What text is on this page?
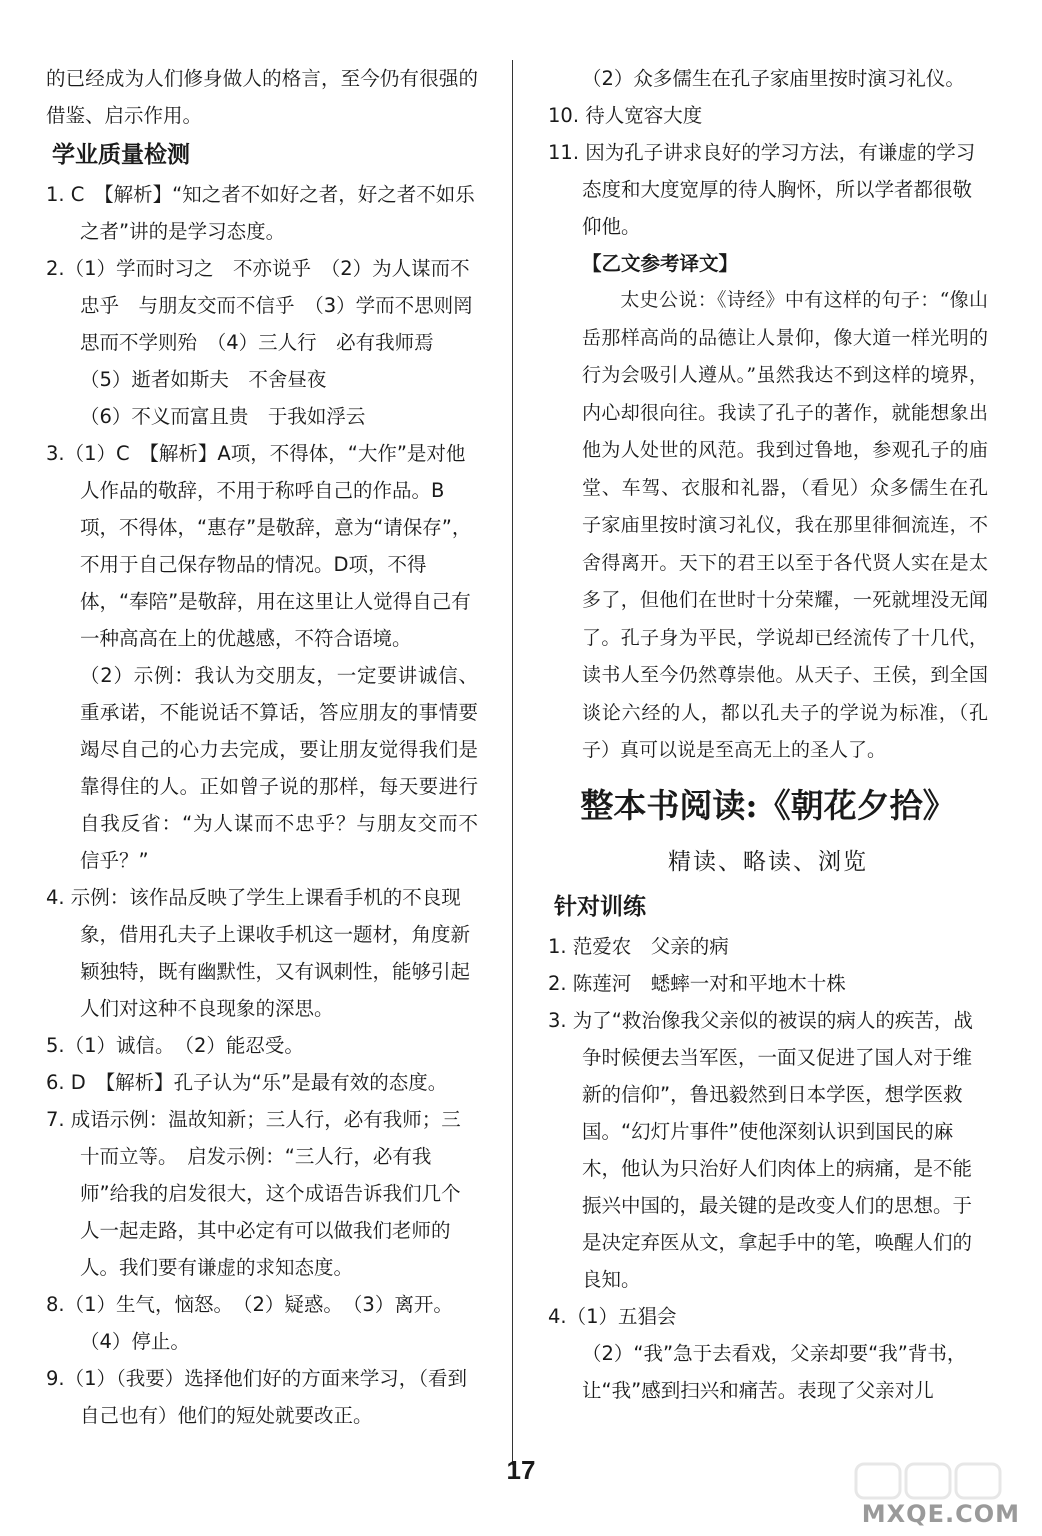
的已经成为人们修身做人的格言，至今仍有很强的借鉴、启示作用。

学业质量检测

1. C　【解析】“知之者不如好之者，好之者不如乐之者”讲的是学习态度。

2.（1）学而时习之　不亦说乎　（2）为人谋而不忠乎　与朋友交而不信乎　（3）学而不思则罔　思而不学则殆　（4）三人行　必有我师焉　（5）逝者如斯夫　不舍昼夜

（6）不义而富且贵　于我如浮云

3.（1）C　【解析】A项，不得体，“大作”是对他人作品的敬辞，不用于称呼自己的作品。B项，不得体，“惠存”是敬辞，意为“请保存”，不用于自己保存物品的情况。D项，不得体，“奉陪”是敬辞，用在这里让人觉得自己有一种高高在上的优越感，不符合语境。

（2）示例：我认为交朋友，一定要讲诚信、重承诺，不能说话不算话，答应朋友的事情要竭尽自己的心力去完成，要让朋友觉得我们是靠得住的人。正如曾子说的那样，每天要进行自我反省：“为人谋而不忠乎？与朋友交而不信乎？”

4. 示例：该作品反映了学生上课看手机的不良现象，借用孔夫子上课收手机这一题材，角度新颖独特，既有幽默性，又有讽刺性，能够引起人们对这种不良现象的深思。

5.（1）诚信。　（2）能忍受。

6. D　【解析】孔子认为“乐”是最有效的态度。

7. 成语示例：温故知新；三人行，必有我师；三十而立等。　启发示例：“三人行，必有我师”给我的启发很大，这个成语告诉我们几个人一起走路，其中必定有可以做我们老师的人。我们要有谦虚的求知态度。

8.（1）生气，恼怒。　（2）疑惑。　（3）离开。　（4）停止。

9.（1）（我要）选择他们好的方面来学习，（看到自己也有）他们的短处就要改正。

（2）众多儒生在孔子家庙里按时演习礼仪。

10. 待人宽容大度

11. 因为孔子讲求良好的学习方法，有谦虚的学习态度和大度宽厚的待人胸怀，所以学者都很敬仰他。

【乙文参考译文】

太史公说：《诗经》中有这样的句子：“像山岳那样高尚的品德让人景仰，像大道一样光明的行为会吸引人遵从。”虽然我达不到这样的境界，内心却很向往。我读了孔子的著作，就能想象出他为人处世的风范。我到过鲁地，参观孔子的庙堂、车驾、衣服和礼器，（看见）众多儒生在孔子家庙里按时演习礼仪，我在那里徘徊流连，不舍得离开。天下的君王以至于各代贤人实在是太多了，但他们在世时十分荣耀，一死就埋没无闻了。孔子身为平民，学说却已经流传了十几代，读书人至今仍然尊崇他。从天子、王侯，到全国谈论六经的人，都以孔夫子的学说为标准，（孔子）真可以说是至高无上的圣人了。

整本书阅读:《朝花夕拾》
精读、略读、浏览
针对训练

1. 范爱农　父亲的病

2. 陈莲河　蟋蟀一对和平地木十株

3. 为了“救治像我父亲似的被误的病人的疾苦，战争时候便去当军医，一面又促进了国人对于维新的信仰”，鲁迅毅然到日本学医，想学医救国。“幻灯片事件”使他深刻认识到国民的麻木，他认为只治好人们肉体上的病痛，是不能振兴中国的，最关键的是改变人们的思想。于是决定弃医从文，拿起手中的笔，唤醒人们的良知。

4.（1）五猖会

（2）“我”急于去看戏，父亲却要“我”背书，让“我”感到扫兴和痛苦。表现了父亲对儿

17
MXQE.COM
